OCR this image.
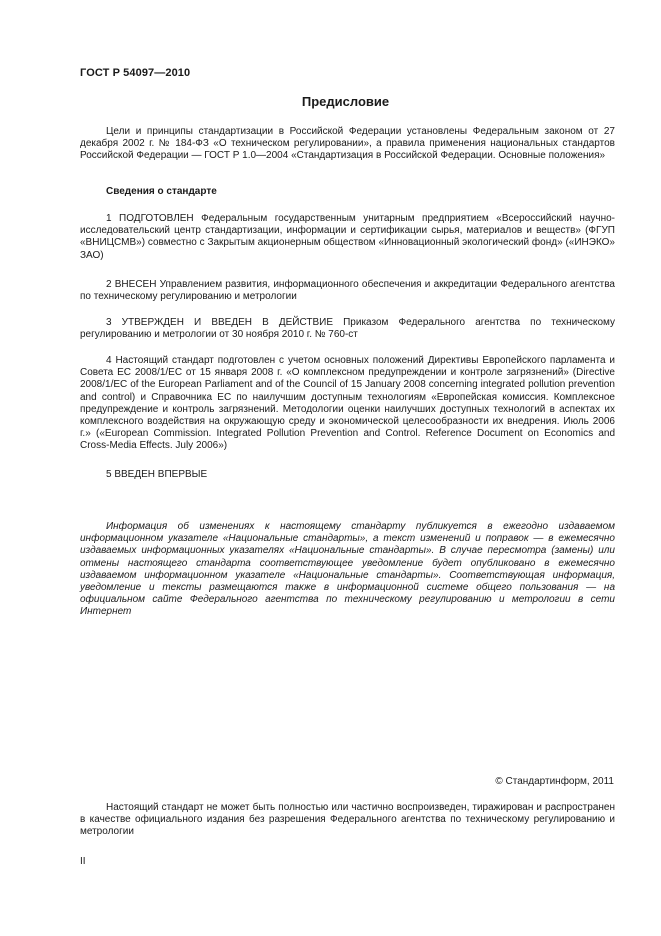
ГОСТ Р 54097—2010
Предисловие
Цели и принципы стандартизации в Российской Федерации установлены Федеральным законом от 27 декабря 2002 г. № 184-ФЗ «О техническом регулировании», а правила применения национальных стандартов Российской Федерации — ГОСТ Р 1.0—2004 «Стандартизация в Российской Федерации. Основные положения»
Сведения о стандарте
1 ПОДГОТОВЛЕН Федеральным государственным унитарным предприятием «Всероссийский научно-исследовательский центр стандартизации, информации и сертификации сырья, материалов и веществ» (ФГУП «ВНИЦСМВ») совместно с Закрытым акционерным обществом «Инновационный экологический фонд» («ИНЭКО» ЗАО)
2 ВНЕСЕН Управлением развития, информационного обеспечения и аккредитации Федерального агентства по техническому регулированию и метрологии
3 УТВЕРЖДЕН И ВВЕДЕН В ДЕЙСТВИЕ Приказом Федерального агентства по техническому регулированию и метрологии от 30 ноября 2010 г. № 760-ст
4 Настоящий стандарт подготовлен с учетом основных положений Директивы Европейского парламента и Совета ЕС 2008/1/ЕС от 15 января 2008 г. «О комплексном предупреждении и контроле загрязнений» (Directive 2008/1/EC of the European Parliament and of the Council of 15 January 2008 concerning integrated pollution prevention and control) и Справочника ЕС по наилучшим доступным технологиям «Европейская комиссия. Комплексное предупреждение и контроль загрязнений. Методологии оценки наилучших доступных технологий в аспектах их комплексного воздействия на окружающую среду и экономической целесообразности их внедрения. Июль 2006 г.» («European Commission. Integrated Pollution Prevention and Control. Reference Document on Economics and Cross-Media Effects. July 2006»)
5 ВВЕДЕН ВПЕРВЫЕ
Информация об изменениях к настоящему стандарту публикуется в ежегодно издаваемом информационном указателе «Национальные стандарты», а текст изменений и поправок — в ежемесячно издаваемых информационных указателях «Национальные стандарты». В случае пересмотра (замены) или отмены настоящего стандарта соответствующее уведомление будет опубликовано в ежемесячно издаваемом информационном указателе «Национальные стандарты». Соответствующая информация, уведомление и тексты размещаются также в информационной системе общего пользования — на официальном сайте Федерального агентства по техническому регулированию и метрологии в сети Интернет
© Стандартинформ, 2011
Настоящий стандарт не может быть полностью или частично воспроизведен, тиражирован и распространен в качестве официального издания без разрешения Федерального агентства по техническому регулированию и метрологии
II
